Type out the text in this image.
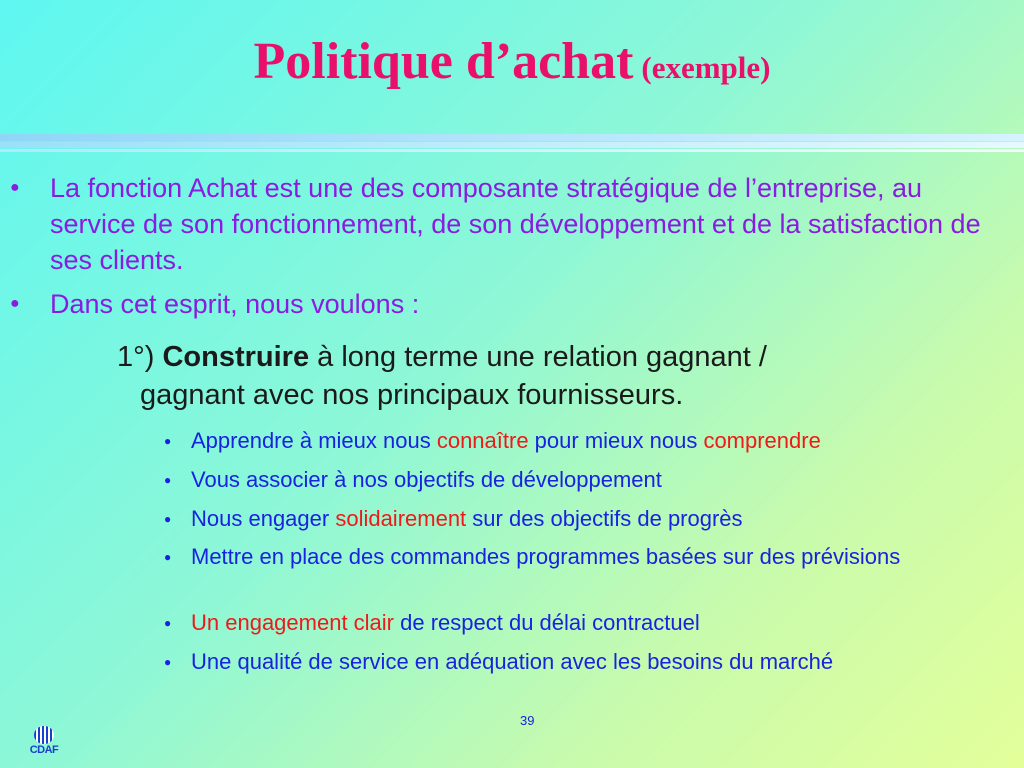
Politique d’achat (exemple)
● La fonction Achat est une des composante stratégique de l’entreprise, au service de son fonctionnement, de son développement et de la satisfaction de ses clients.
● Dans cet esprit, nous voulons :
1°) Construire à long terme une relation gagnant /
gagnant avec nos principaux fournisseurs.
● Apprendre à mieux nous connaître pour mieux nous comprendre
● Vous associer à nos objectifs de développement
● Nous engager solidairement sur des objectifs de progrès
● Mettre en place des commandes programmes basées sur des prévisions
● Un engagement clair de respect du délai contractuel
● Une qualité de service en adéquation avec les besoins du marché
39
CDAF
